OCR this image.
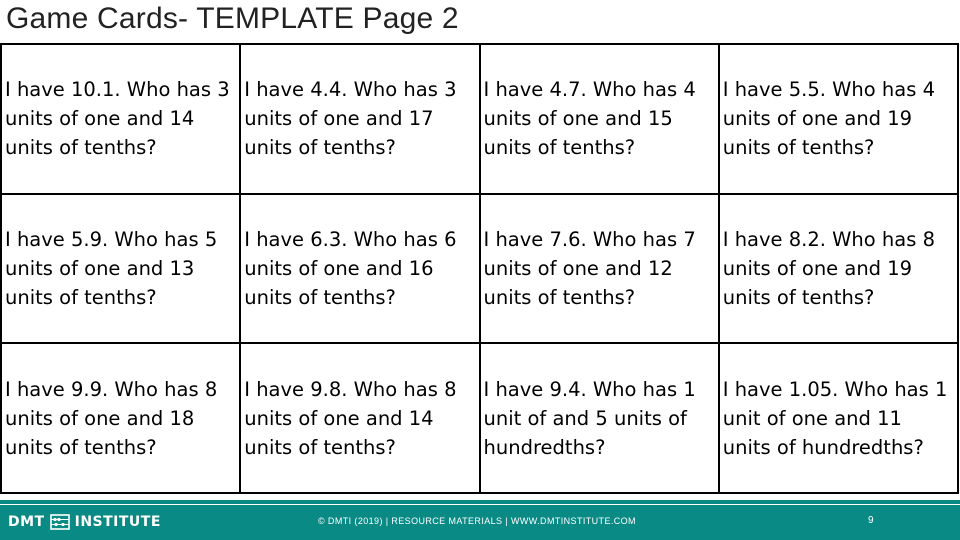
Game Cards- TEMPLATE Page 2
I have 10.1. Who has 3 units of one and 14 units of tenths?	I have 4.4. Who has 3 units of one and 17 units of tenths?	I have 4.7. Who has 4 units of one and 15 units of tenths?	I have 5.5. Who has 4 units of one and 19 units of tenths?
I have 5.9. Who has 5 units of one and 13 units of tenths?	I have 6.3. Who has 6 units of one and 16 units of tenths?	I have 7.6. Who has 7 units of one and 12 units of tenths?	I have 8.2. Who has 8 units of one and 19 units of tenths?
I have 9.9. Who has 8 units of one and 18 units of tenths?	I have 9.8. Who has 8 units of one and 14 units of tenths?	I have 9.4. Who has 1 unit of and 5 units of hundredths?	I have 1.05. Who has 1 unit of one and 11 units of hundredths?
DMT INSTITUTE	© DMTI (2019) | RESOURCE MATERIALS | WWW.DMTINSTITUTE.COM	9
